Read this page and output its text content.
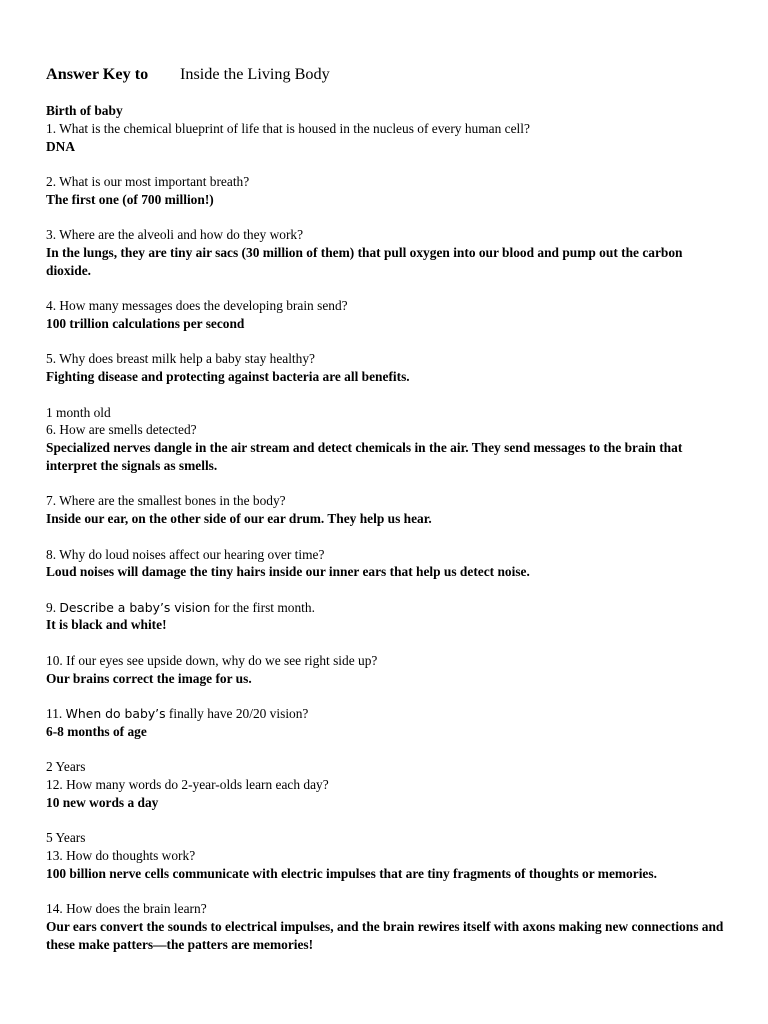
Answer Key to	Inside the Living Body
Birth of baby
1. What is the chemical blueprint of life that is housed in the nucleus of every human cell?
DNA
2. What is our most important breath?
The first one (of 700 million!)
3. Where are the alveoli and how do they work?
In the lungs, they are tiny air sacs (30 million of them) that pull oxygen into our blood and pump out the carbon dioxide.
4. How many messages does the developing brain send?
100 trillion calculations per second
5. Why does breast milk help a baby stay healthy?
Fighting disease and protecting against bacteria are all benefits.
1 month old
6. How are smells detected?
Specialized nerves dangle in the air stream and detect chemicals in the air. They send messages to the brain that interpret the signals as smells.
7. Where are the smallest bones in the body?
Inside our ear, on the other side of our ear drum. They help us hear.
8. Why do loud noises affect our hearing over time?
Loud noises will damage the tiny hairs inside our inner ears that help us detect noise.
9. Describe a baby’s vision for the first month.
It is black and white!
10. If our eyes see upside down, why do we see right side up?
Our brains correct the image for us.
11. When do baby’s finally have 20/20 vision?
6-8 months of age
2 Years
12. How many words do 2-year-olds learn each day?
10 new words a day
5 Years
13. How do thoughts work?
100 billion nerve cells communicate with electric impulses that are tiny fragments of thoughts or memories.
14. How does the brain learn?
Our ears convert the sounds to electrical impulses, and the brain rewires itself with axons making new connections and these make patters—the patters are memories!
